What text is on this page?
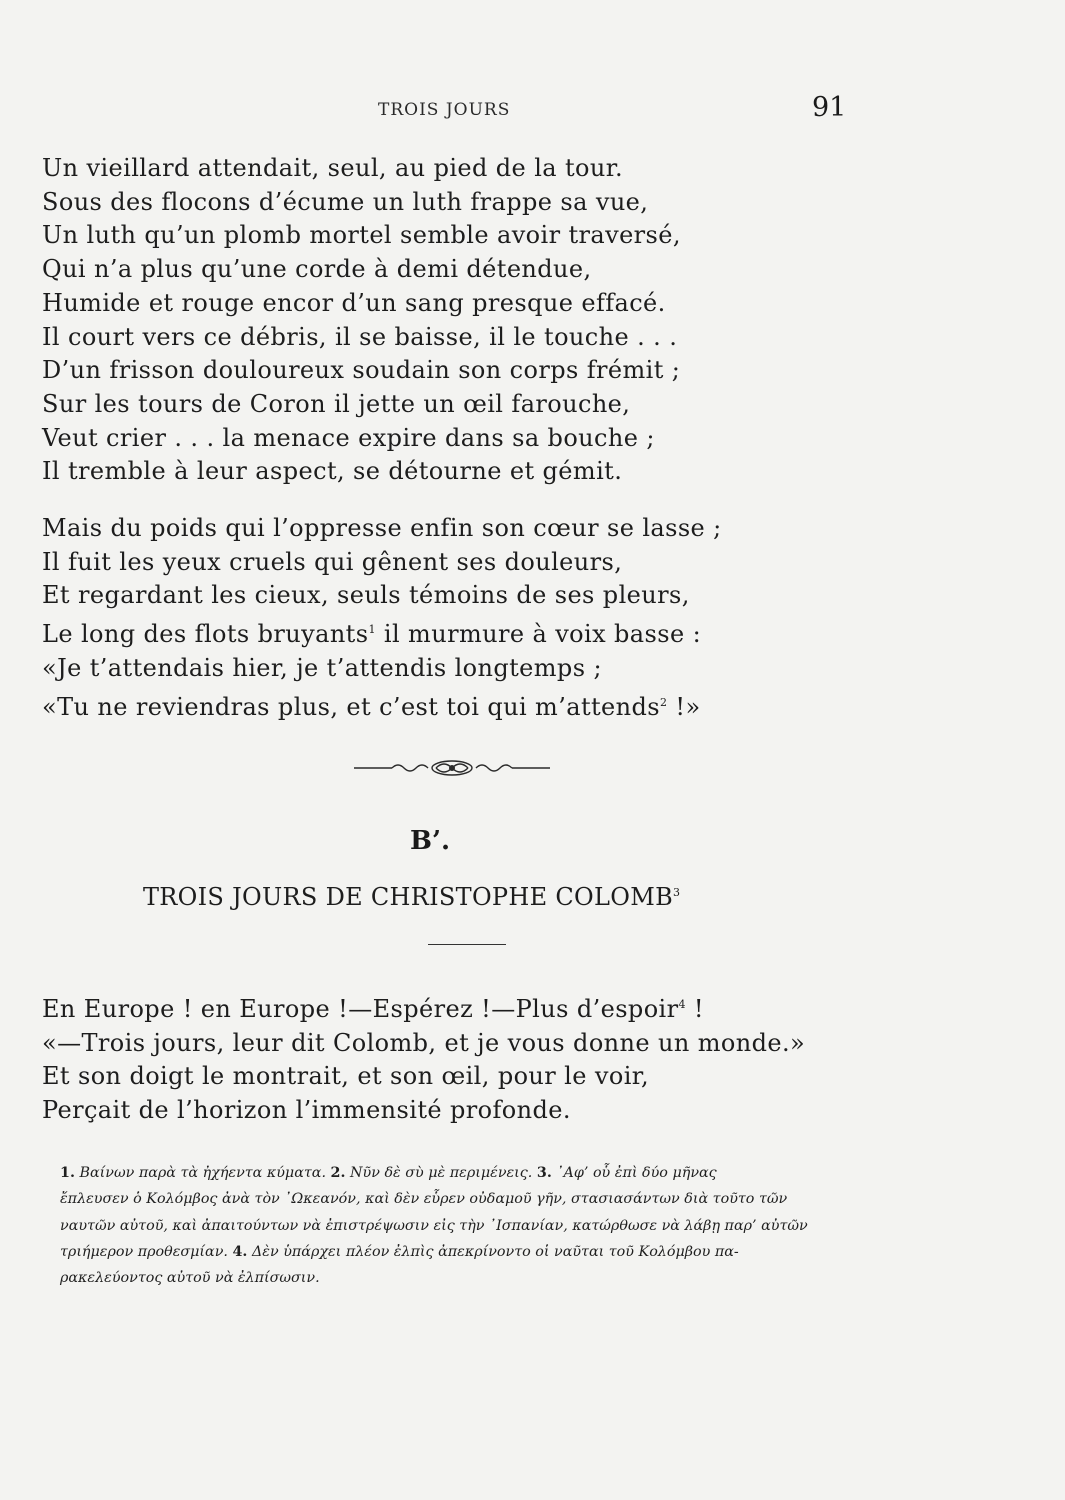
TROIS JOURS	91
Un vieillard attendait, seul, au pied de la tour.
Sous des flocons d’écume un luth frappe sa vue,
Un luth qu’un plomb mortel semble avoir traversé,
Qui n’a plus qu’une corde à demi détendue,
Humide et rouge encor d’un sang presque effacé.
Il court vers ce débris, il se baisse, il le touche . . .
D’un frisson douloureux soudain son corps frémit ;
Sur les tours de Coron il jette un œil farouche,
Veut crier . . . la menace expire dans sa bouche ;
Il tremble à leur aspect, se détourne et gémit.
Mais du poids qui l’oppresse enfin son cœur se lasse ;
Il fuit les yeux cruels qui gênent ses douleurs,
Et regardant les cieux, seuls témoins de ses pleurs,
Le long des flots bruyants$^1$ il murmure à voix basse :
«Je t’attendais hier, je t’attendis longtemps ;
«Tu ne reviendras plus, et c’est toi qui m’attends$^2$ !»
B’.
TROIS JOURS DE CHRISTOPHE COLOMB$^3$
En Europe ! en Europe !—Espérez !—Plus d’espoir$^4$ !
«—Trois jours, leur dit Colomb, et je vous donne un monde.»
Et son doigt le montrait, et son œil, pour le voir,
Perçait de l’horizon l’immensité profonde.
1. Βαίνων παρὰ τὰ ἠχήεντα κύματα. 2. Νῦν δὲ σὺ μὲ περιμένεις. 3. ᾿Αφ’ οὗ ἐπὶ δύο μῆνας
ἔπλευσεν ὁ Κολόμβος ἀνὰ τὸν ᾿Ωκεανόν, καὶ δὲν εὗρεν οὐδαμοῦ γῆν, στασιασάντων διὰ τοῦτο τῶν
ναυτῶν αὐτοῦ, καὶ ἀπαιτούντων νὰ ἐπιστρέψωσιν εἰς τὴν ᾿Ισπανίαν, κατώρθωσε νὰ λάβῃ παρ’ αὐτῶν
τριήμερον προθεσμίαν. 4. Δὲν ὑπάρχει πλέον ἐλπὶς ἀπεκρίνοντο οἱ ναῦται τοῦ Κολόμβου πα-
ρακελεύοντος αὐτοῦ νὰ ἐλπίσωσιν.
